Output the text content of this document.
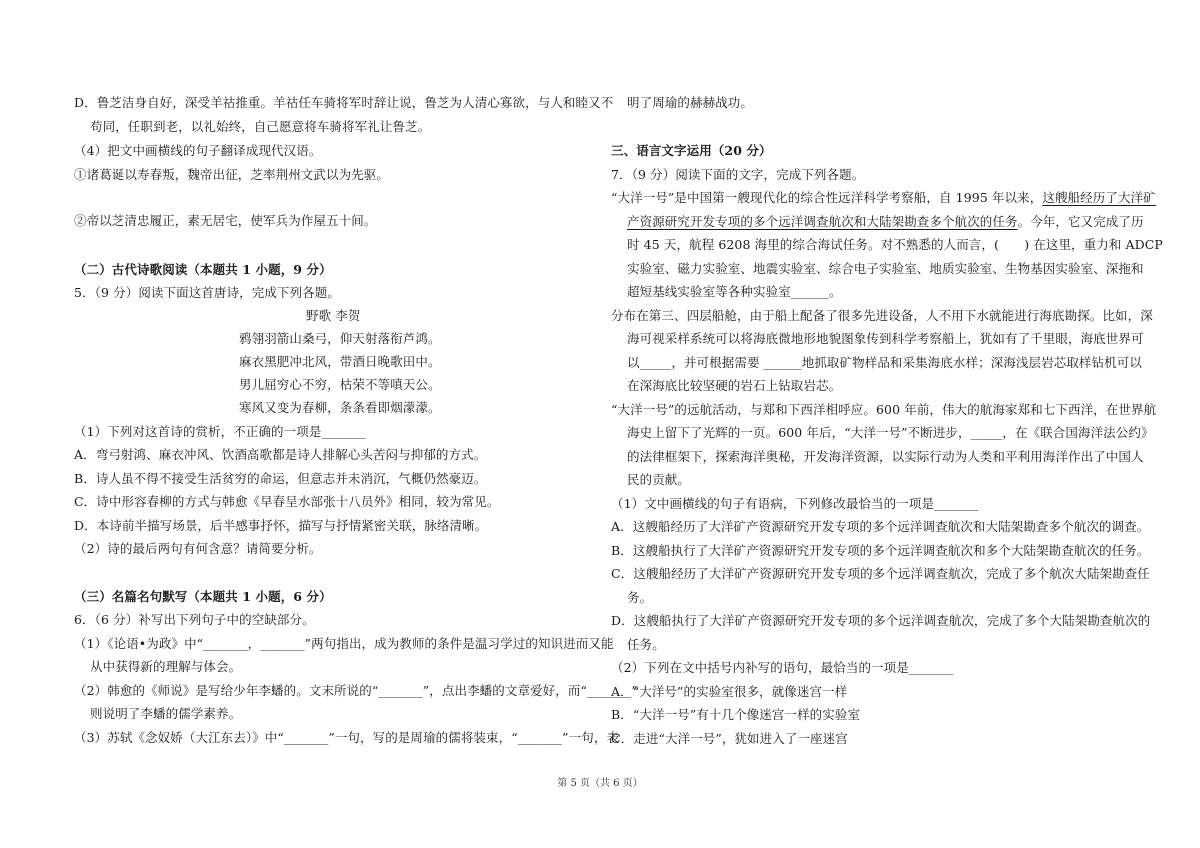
D．鲁芝洁身自好，深受羊祜推重。羊祜任车骑将军时辞让说，鲁芝为人清心寡欲，与人和睦又不
苟同，任职到老，以礼始终，自己愿意将车骑将军礼让鲁芝。
（4）把文中画横线的句子翻译成现代汉语。
①诸葛诞以寿春叛，魏帝出征，芝率荆州文武以为先驱。
②帝以芝清忠履正，素无居宅，使军兵为作屋五十间。
（二）古代诗歌阅读（本题共 1 小题，9 分）
5．（9 分）阅读下面这首唐诗，完成下列各题。
野歌 李贺
鸦翎羽箭山桑弓，仰天射落衔芦鸿。
麻衣黑肥冲北风，带酒日晚歌田中。
男儿屈穷心不穷，枯荣不等嗔天公。
寒风又变为春柳，条条看即烟濛濛。
（1）下列对这首诗的赏析，不正确的一项是_______
A．弯弓射鸿、麻衣冲风、饮酒高歌都是诗人排解心头苦闷与抑郁的方式。
B．诗人虽不得不接受生活贫穷的命运，但意志并未消沉，气概仍然豪迈。
C．诗中形容春柳的方式与韩愈《早春呈水部张十八员外》相同，较为常见。
D．本诗前半描写场景，后半感事抒怀，描写与抒情紧密关联，脉络清晰。
（2）诗的最后两句有何含意？请简要分析。
（三）名篇名句默写（本题共 1 小题，6 分）
6．（6 分）补写出下列句子中的空缺部分。
（1）《论语•为政》中“_______，_______”两句指出，成为教师的条件是温习学过的知识进而又能
从中获得新的理解与体会。
（2）韩愈的《师说》是写给少年李蟠的。文末所说的“_______”，点出李蟠的文章爱好，而“_______”
则说明了李蟠的儒学素养。
（3）苏轼《念奴娇（大江东去）》中“_______”一句，写的是周瑜的儒将装束，“_______”一句，表
明了周瑜的赫赫战功。
三、语言文字运用（20 分）
7．（9 分）阅读下面的文字，完成下列各题。
“大洋一号”是中国第一艘现代化的综合性远洋科学考察船，自 1995 年以来，这艘船经历了大洋矿
产资源研究开发专项的多个远洋调查航次和大陆架勘查多个航次的任务。今年，它又完成了历
时 45 天，航程 6208 海里的综合海试任务。对不熟悉的人而言，(　　) 在这里，重力和 ADCP
实验室、磁力实验室、地震实验室、综合电子实验室、地质实验室、生物基因实验室、深拖和
超短基线实验室等各种实验室______。
分布在第三、四层船舱，由于船上配备了很多先进设备，人不用下水就能进行海底勘探。比如，深
海可视采样系统可以将海底微地形地貌图象传到科学考察船上，犹如有了千里眼，海底世界可
以_____，并可根据需要 ______地抓取矿物样品和采集海底水样；深海浅层岩芯取样钻机可以
在深海底比较坚硬的岩石上钻取岩芯。
“大洋一号”的远航活动，与郑和下西洋相呼应。600 年前，伟大的航海家郑和七下西洋，在世界航
海史上留下了光辉的一页。600 年后，“大洋一号”不断进步，_____，在《联合国海洋法公约》
的法律框架下，探索海洋奥秘，开发海洋资源，以实际行动为人类和平利用海洋作出了中国人
民的贡献。
（1）文中画横线的句子有语病，下列修改最恰当的一项是_______
A．这艘船经历了大洋矿产资源研究开发专项的多个远洋调查航次和大陆架勘查多个航次的调查。
B．这艘船执行了大洋矿产资源研究开发专项的多个远洋调查航次和多个大陆架勘查航次的任务。
C．这艘船经历了大洋矿产资源研究开发专项的多个远洋调查航次，完成了多个航次大陆架勘查任
务。
D．这艘船执行了大洋矿产资源研究开发专项的多个远洋调查航次，完成了多个大陆架勘查航次的
任务。
（2）下列在文中括号内补写的语句，最恰当的一项是_______
A．“大洋号”的实验室很多，就像迷宫一样
B．“大洋一号”有十几个像迷宫一样的实验室
C．走进“大洋一号”，犹如进入了一座迷宫
第 5 页（共 6 页）
